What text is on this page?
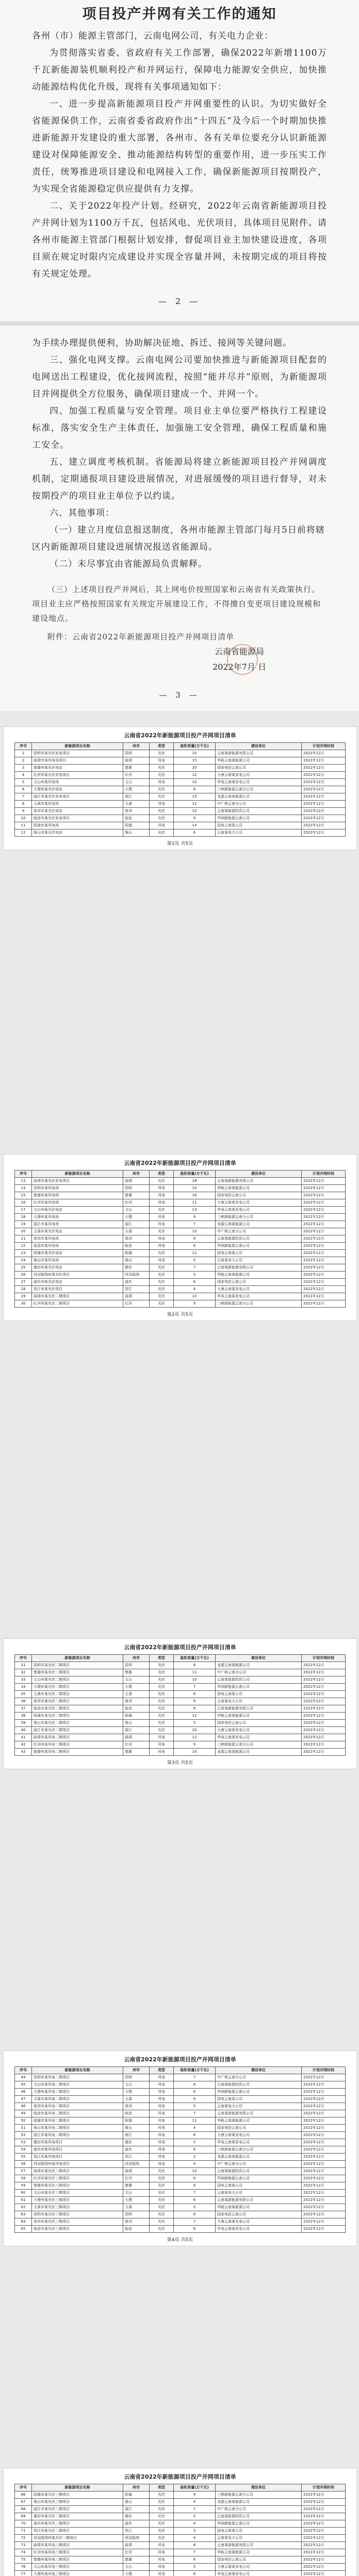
项目投产并网有关工作的通知

各州（市）能源主管部门，云南电网公司，有关电力企业：

为贯彻落实省委、省政府有关工作部署，确保2022年新增1100万千瓦新能源装机顺利投产和并网运行，保障电力能源安全供应，加快推动能源结构优化升级，现将有关事项通知如下：

一、进一步提高新能源项目投产并网重要性的认识。为切实做好全省能源保供工作，云南省委省政府作出“十四五”及今后一个时期加快推进新能源开发建设的重大部署，各州市、各有关单位要充分认识新能源建设对保障能源安全、推动能源结构转型的重要作用，进一步压实工作责任，统筹推进项目建设和电网接入工作，确保新能源项目按期投产，为实现全省能源稳定供应提供有力支撑。

二、关于2022年投产计划。经研究，2022年云南省新能源项目投产并网计划为1100万千瓦，包括风电、光伏项目，具体项目见附件。请各州市能源主管部门根据计划安排，督促项目业主加快建设进度，各项目须在规定时限内完成建设并实现全容量并网，未按期完成的项目将按有关规定处理。

— 2 —

为手续办理提供便利，协助解决征地、拆迁、接网等关键问题。

三、强化电网支撑。云南电网公司要加快推进与新能源项目配套的电网送出工程建设，优化接网流程，按照“能并尽并”原则，为新能源项目并网提供全方位服务，确保项目建成一个、并网一个。

四、加强工程质量与安全管理。项目业主单位要严格执行工程建设标准，落实安全生产主体责任，加强施工安全管理，确保工程质量和施工安全。

五、建立调度考核机制。省能源局将建立新能源项目投产并网调度机制，定期通报项目建设进展情况，对进展缓慢的项目进行督导，对未按期投产的项目业主单位予以约谈。

六、其他事项：

（一）建立月度信息报送制度，各州市能源主管部门每月5日前将辖区内新能源项目建设进展情况报送省能源局。
（二）未尽事宜由省能源局负责解释。

（三）上述项目投产并网后，其上网电价按照国家和云南省有关政策执行。项目业主应严格按照国家有关规定开展建设工作，不得擅自变更项目建设规模和建设地点。

附件：云南省2022年新能源项目投产并网项目清单

云南省能源局
2022年7月 日
— 3 —
云南省2022年新能源项目投产并网项目清单
序号	新能源项目名称	州市	类型	装机容量(万千瓦)	建设单位	计划并网时间
1	昆明市某光伏发电项目	昆明	光伏	10	云南某新能源有限公司	2022年12月
2	曲靖市某风电场项目	曲靖	风电	15	华能云南某能源公司	2022年12月
3	楚雄州某光伏电站	楚雄	光伏	20	国家电投云南公司	2022年12月
4	红河州某光伏发电项目	红河	光伏	12	大唐云南某发电公司	2022年12月
5	文山州某风电场	文山	风电	10	华电云南某发电公司	2022年12月
6	大理州某光伏电站	大理	光伏	8	三峡新能源云南分公司	2022年12月
7	丽江市某光伏发电项目	丽江	光伏	15	龙源云南某能源公司	2022年12月
8	玉溪市某风电场	玉溪	风电	12	中广核云南分公司	2022年12月
9	普洱市某光伏电站	普洱	光伏	10	云南某能源投资公司	2022年12月
10	临沧市某光伏发电项目	临沧	光伏	9	华润新能源云南公司	2022年12月
11	昭通市某风电场	昭通	风电	14	国电云南某公司	2022年12月
12	保山市某光伏电站	保山	光伏	6	云南某电力公司	2022年12月
第1页 共5页
云南省2022年新能源项目投产并网项目清单
序号	新能源项目名称	州市	类型	装机容量(万千瓦)	建设单位	计划并网时间
13	曲靖市某光伏发电项目	曲靖	光伏	18	云南某新能源有限公司	2022年12月
14	昆明市某风电场	昆明	风电	10	华能云南某能源公司	2022年12月
15	楚雄州某风电场	楚雄	风电	16	国家电投云南公司	2022年12月
16	红河州某风电场	红河	风电	11	大唐云南某发电公司	2022年12月
17	文山州某光伏电站	文山	光伏	13	华电云南某发电公司	2022年12月
18	大理州某风电场	大理	风电	9	三峡新能源云南分公司	2022年12月
19	丽江市某风电场	丽江	风电	7	龙源云南某能源公司	2022年12月
20	玉溪市某光伏电站	玉溪	光伏	10	中广核云南分公司	2022年12月
21	普洱市某风电场	普洱	风电	8	云南某能源投资公司	2022年12月
22	临沧市某风电场	临沧	风电	6	华润新能源云南公司	2022年12月
23	昭通市某光伏电站	昭通	光伏	12	国电云南某公司	2022年12月
24	保山市某风电场	保山	风电	5	云南某电力公司	2022年12月
25	德宏州某光伏电站	德宏	光伏	7	云南某新能源有限公司	2022年12月
26	西双版纳州某光伏项目	西双版纳	光伏	5	华能云南某能源公司	2022年12月
27	迪庆州某光伏电站	迪庆	光伏	6	国家电投云南公司	2022年12月
28	怒江州某光伏项目	怒江	光伏	4	大唐云南某发电公司	2022年12月
29	曲靖市某光伏二期项目	曲靖	光伏	10	华电云南某发电公司	2022年12月
30	红河州某光伏二期项目	红河	光伏	9	三峡新能源云南分公司	2022年12月
第2页 共5页
云南省2022年新能源项目投产并网项目清单
序号	新能源项目名称	州市	类型	装机容量(万千瓦)	建设单位	计划并网时间
31	昆明市某光伏二期项目	昆明	光伏	8	龙源云南某能源公司	2022年12月
32	楚雄州某光伏二期项目	楚雄	光伏	11	中广核云南分公司	2022年12月
33	文山州某光伏二期项目	文山	光伏	10	云南某能源投资公司	2022年12月
34	大理州某光伏二期项目	大理	光伏	7	华润新能源云南公司	2022年12月
35	玉溪市某光伏二期项目	玉溪	光伏	6	国电云南某公司	2022年12月
36	普洱市某光伏二期项目	普洱	光伏	9	云南某电力公司	2022年12月
37	临沧市某光伏二期项目	临沧	光伏	8	云南某新能源有限公司	2022年12月
38	昭通市某光伏二期项目	昭通	光伏	12	华能云南某能源公司	2022年12月
39	保山市某光伏二期项目	保山	光伏	5	国家电投云南公司	2022年12月
40	丽江市某光伏二期项目	丽江	光伏	10	大唐云南某发电公司	2022年12月
41	曲靖市某风电二期项目	曲靖	风电	12	华电云南某发电公司	2022年12月
42	红河州某风电二期项目	红河	风电	9	三峡新能源云南分公司	2022年12月
43	楚雄州某风电二期项目	楚雄	风电	10	龙源云南某能源公司	2022年12月
第3页 共5页
云南省2022年新能源项目投产并网项目清单
序号	新能源项目名称	州市	类型	装机容量(万千瓦)	建设单位	计划并网时间
44	昆明市某风电二期项目	昆明	风电	7	中广核云南分公司	2022年12月
45	文山州某风电二期项目	文山	风电	8	云南某能源投资公司	2022年12月
46	大理州某风电二期项目	大理	风电	6	华润新能源云南公司	2022年12月
47	玉溪市某风电二期项目	玉溪	风电	9	国电云南某公司	2022年12月
48	普洱市某风电二期项目	普洱	风电	5	云南某电力公司	2022年12月
49	临沧市某风电二期项目	临沧	风电	7	云南某新能源有限公司	2022年12月
50	昭通市某风电二期项目	昭通	风电	11	华能云南某能源公司	2022年12月
51	保山市某风电二期项目	保山	风电	4	国家电投云南公司	2022年12月
52	丽江市某风电二期项目	丽江	风电	6	大唐云南某发电公司	2022年12月
53	德宏州某风电项目	德宏	风电	5	华电云南某发电公司	2022年12月
54	迪庆州某风电项目	迪庆	风电	6	三峡新能源云南分公司	2022年12月
55	怒江州某风电项目	怒江	风电	3	龙源云南某能源公司	2022年12月
56	西双版纳州某风电项目	西双版纳	风电	4	中广核云南分公司	2022年12月
57	曲靖市某光伏三期项目	曲靖	光伏	10	云南某能源投资公司	2022年12月
58	红河州某光伏三期项目	红河	光伏	8	华润新能源云南公司	2022年12月
59	楚雄州某光伏三期项目	楚雄	光伏	9	国电云南某公司	2022年12月
60	文山州某光伏三期项目	文山	光伏	7	云南某电力公司	2022年12月
61	大理州某光伏三期项目	大理	光伏	6	云南某新能源有限公司	2022年12月
62	玉溪市某光伏三期项目	玉溪	光伏	5	华能云南某能源公司	2022年12月
63	昆明市某光伏三期项目	昆明	光伏	8	国家电投云南公司	2022年12月
64	普洱市某光伏三期项目	普洱	光伏	7	大唐云南某发电公司	2022年12月
65	临沧市某光伏三期项目	临沧	光伏	6	华电云南某发电公司	2022年12月
第4页 共5页
云南省2022年新能源项目投产并网项目清单
序号	新能源项目名称	州市	类型	装机容量(万千瓦)	建设单位	计划并网时间
66	昭通市某光伏三期项目	昭通	光伏	9	三峡新能源云南分公司	2022年12月
67	保山市某光伏三期项目	保山	光伏	4	龙源云南某能源公司	2022年12月
68	丽江市某光伏三期项目	丽江	光伏	7	中广核云南分公司	2022年12月
69	德宏州某光伏二期项目	德宏	光伏	5	云南某能源投资公司	2022年12月
70	迪庆州某光伏二期项目	迪庆	光伏	4	华润新能源云南公司	2022年12月
71	怒江州某光伏二期项目	怒江	光伏	3	国电云南某公司	2022年12月
72	西双版纳州某光伏二期项目	西双版纳	光伏	4	云南某电力公司	2022年12月
73	曲靖市某风电三期项目	曲靖	风电	8	云南某新能源有限公司	2022年12月
74	红河州某风电三期项目	红河	风电	7	华能云南某能源公司	2022年12月
75	楚雄州某风电三期项目	楚雄	风电	6	国家电投云南公司	2022年12月
76	文山州某风电三期项目	文山	风电	5	大唐云南某发电公司	2022年12月
77	大理州某风电三期项目	大理	风电	6	华电云南某发电公司	2022年12月
